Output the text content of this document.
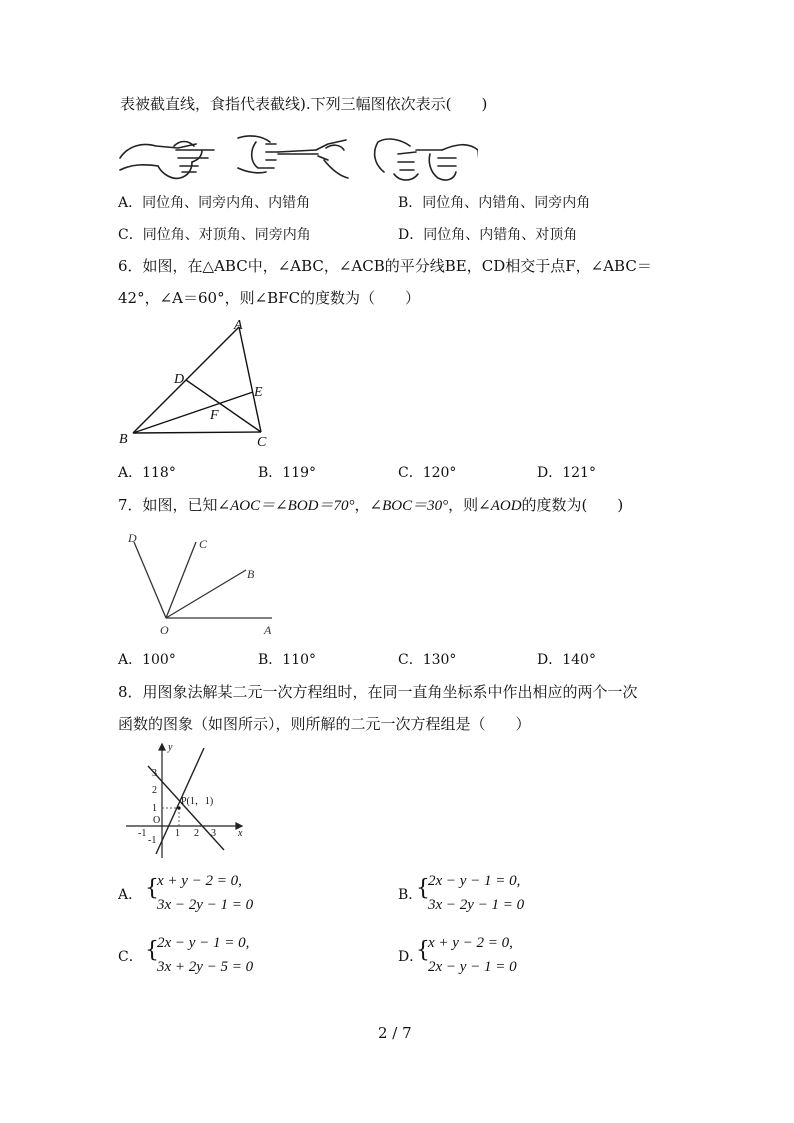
表被截直线，食指代表截线).下列三幅图依次表示(　　)
A．同位角、同旁内角、内错角	B．同位角、内错角、同旁内角
C．同位角、对顶角、同旁内角	D．同位角、内错角、对顶角
6．如图，在△ABC中，∠ABC，∠ACB的平分线BE，CD相交于点F，∠ABC＝
42°，∠A＝60°，则∠BFC的度数为（　　）
A
B	C
D
E
F
A．118°	B．119°	C．120°	D．121°
7．如图，已知∠AOC＝∠BOD＝70°，∠BOC＝30°，则∠AOD的度数为(　　)
D	C
B
O	A
A．100°	B．110°	C．130°	D．140°
8．用图象法解某二元一次方程组时，在同一直角坐标系中作出相应的两个一次
函数的图象（如图所示），则所解的二元一次方程组是（　　）
y
x
3
2
1
-1
O
-1	1 2 3
P(1，1)
A． {
x + y − 2 = 0,
3x − 2y − 1 = 0
B．
{
2x − y − 1 = 0,
3x − 2y − 1 = 0
C． {
2x − y − 1 = 0,
3x + 2y − 5 = 0
D．
{
x + y − 2 = 0,
2x − y − 1 = 0
2 / 7
